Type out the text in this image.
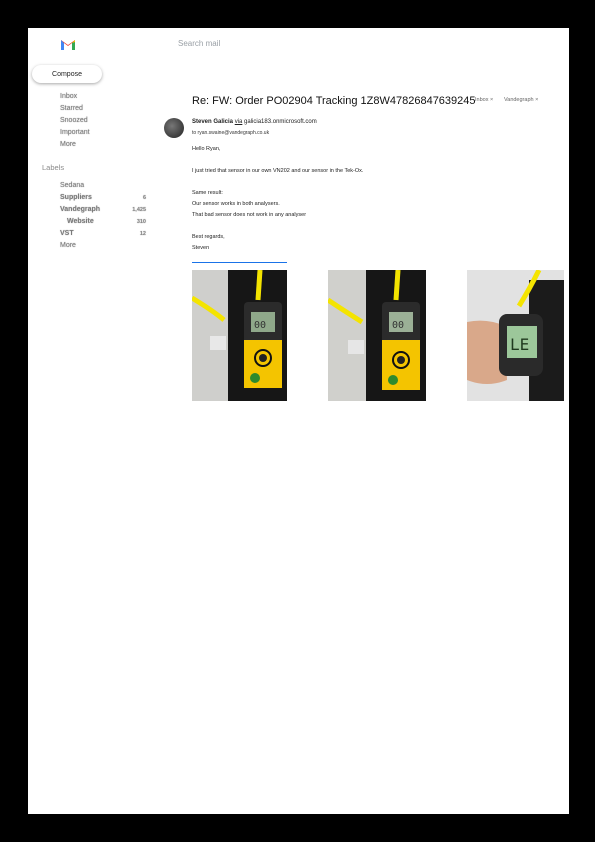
Search mail
Compose
Inbox
Starred
Snoozed
Important
More
Labels
Sedana
Suppliers	6
Vandegraph	1,425
Website	310
VST	12
More
Re: FW: Order PO02904 Tracking 1Z8W47826847639245 Inbox × Vandegraph ×
Steven Galicia via galicia183.onmicrosoft.com
to ryan.swaine@vandegraph.co.uk

Hello Ryan,

I just tried that sensor in our own VN202 and our sensor in the Tek-Ox.

Same result:

Our sensor works in both analysers.

That bad sensor does not work in any analyser

Best regards,

Steven

00	00
LE
